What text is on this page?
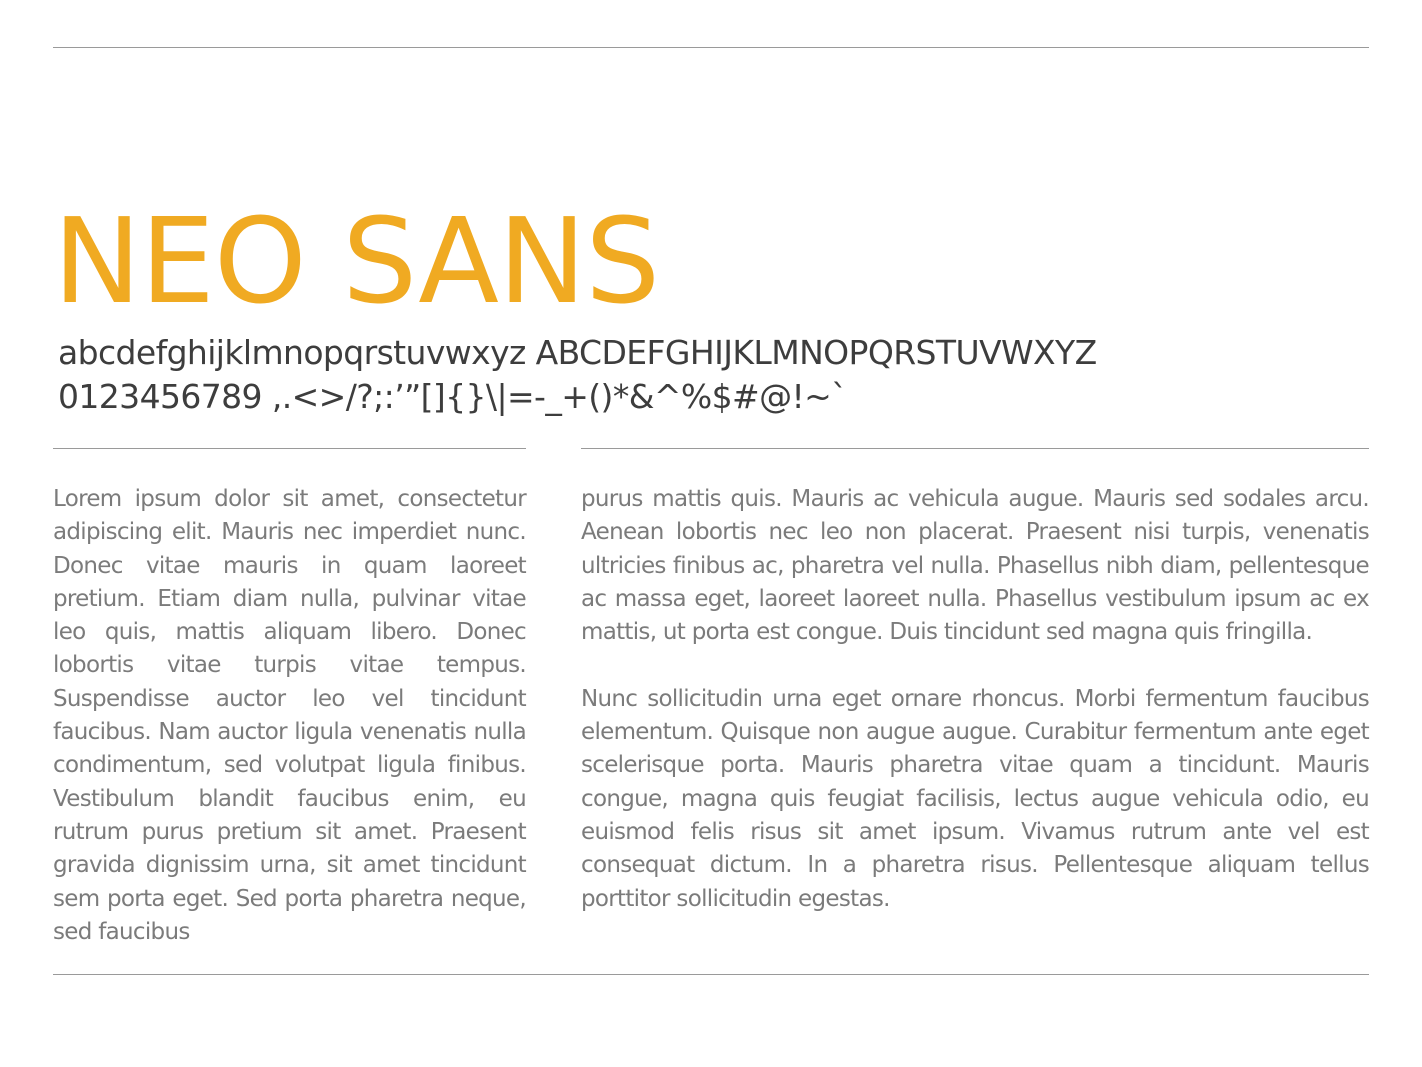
NEO SANS

abcdefghijklmnopqrstuvwxyz ABCDEFGHIJKLMNOPQRSTUVWXYZ

0123456789 ,.<>/?;:’”[]{}\|=-_+()*&^%$#@!~`

Lorem ipsum dolor sit amet, consectetur adipiscing elit. Mauris nec imperdiet nunc. Donec vitae mauris in quam laoreet pretium. Etiam diam nulla, pulvinar vitae leo quis, mattis aliquam libero. Donec lobortis vitae turpis vitae tempus. Suspendisse auctor leo vel tincidunt faucibus. Nam auctor ligula venenatis nulla condimentum, sed volutpat ligula finibus. Vestibulum blandit faucibus enim, eu rutrum purus pretium sit amet. Praesent gravida dignissim urna, sit amet tincidunt sem porta eget. Sed porta pharetra neque, sed faucibus

purus mattis quis. Mauris ac vehicula augue. Mauris sed sodales arcu. Aenean lobortis nec leo non placerat. Praesent nisi turpis, venenatis ultricies finibus ac, pharetra vel nulla. Phasellus nibh diam, pellentesque ac massa eget, laoreet laoreet nulla. Phasellus vestibulum ipsum ac ex mattis, ut porta est congue. Duis tincidunt sed magna quis fringilla.

Nunc sollicitudin urna eget ornare rhoncus. Morbi fermentum faucibus elementum. Quisque non augue augue. Curabitur fermentum ante eget scelerisque porta. Mauris pharetra vitae quam a tincidunt. Mauris congue, magna quis feugiat facilisis, lectus augue vehicula odio, eu euismod felis risus sit amet ipsum. Vivamus rutrum ante vel est consequat dictum. In a pharetra risus. Pellentesque aliquam tellus porttitor sollicitudin egestas.
